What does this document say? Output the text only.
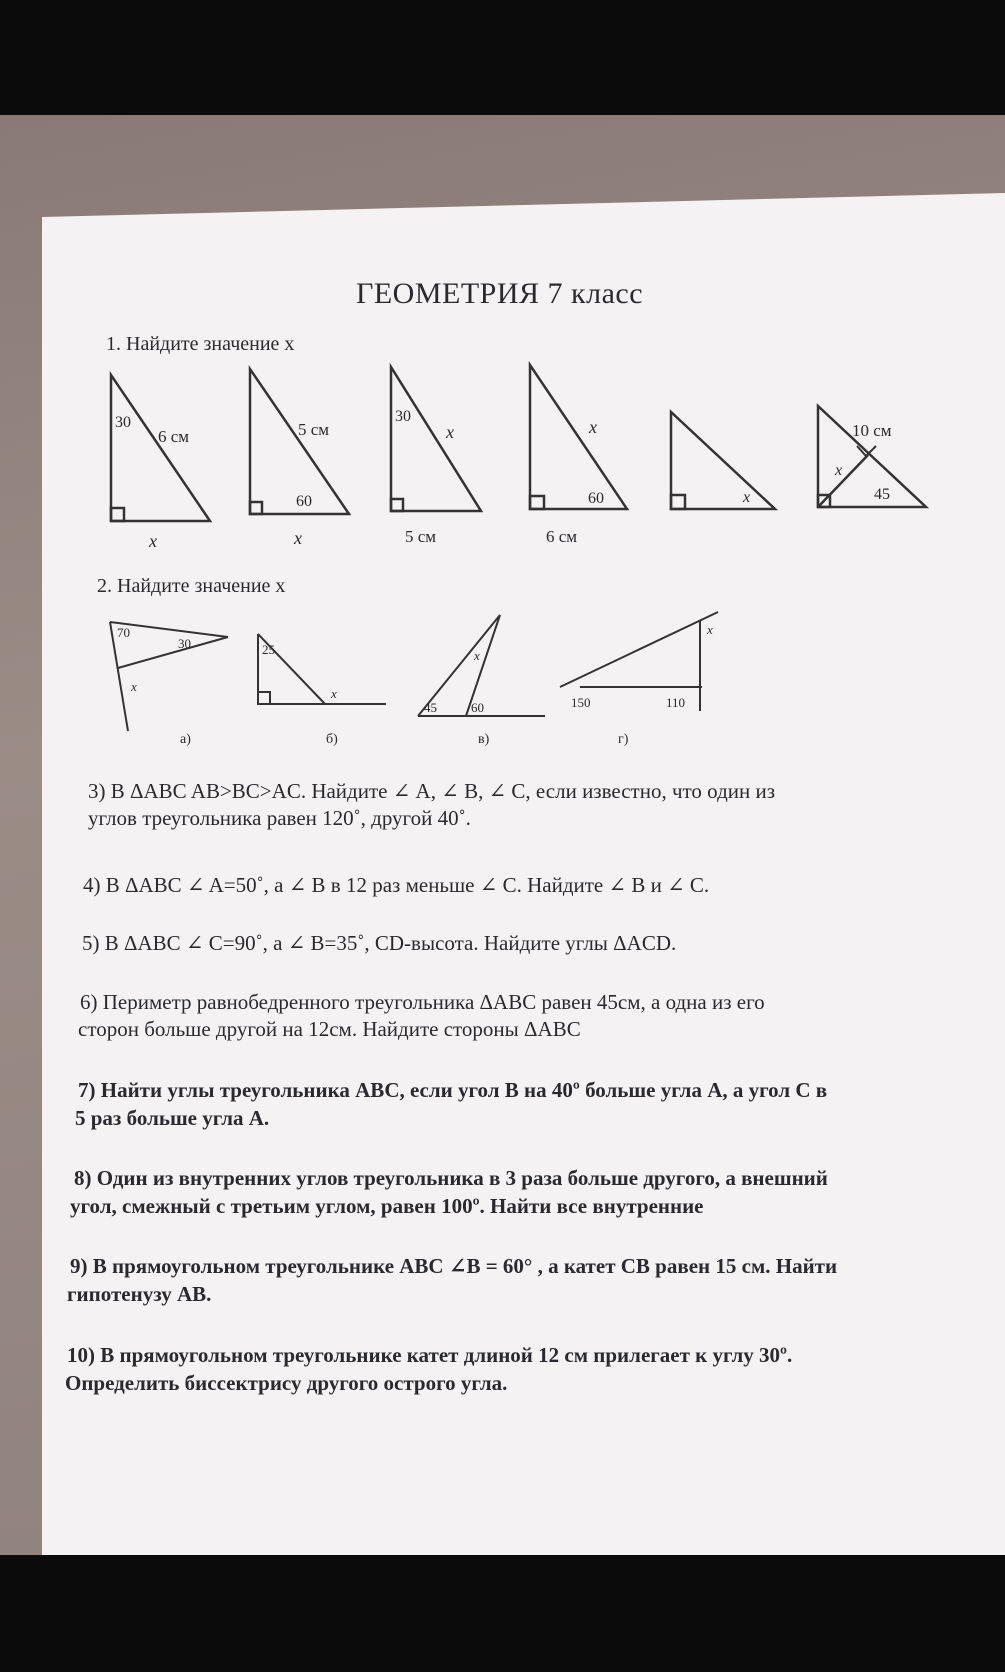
ГЕОМЕТРИЯ 7 класс

1. Найдите значение x

30
6 см
x
5 см
60
x
30
x
5 см
x
60
6 см
x
10 см
x
45

2. Найдите значение x

70
30
x
а)
25
x
б)
45	60
x
в)
150	110
x
г)

3) В ΔABC AB>BC>AC. Найдите ∠ A, ∠ B, ∠ C, если известно, что один из

углов треугольника равен 120˚, другой 40˚.

4) В ΔABC ∠ A=50˚, а ∠ B в 12 раз меньше ∠ C. Найдите ∠ B и ∠ C.

5) В ΔABC ∠ C=90˚, а ∠ B=35˚, CD-высота. Найдите углы ΔACD.

6) Периметр равнобедренного треугольника ΔABC равен 45см, а одна из его

сторон больше другой на 12см. Найдите стороны ΔABC

7) Найти углы треугольника ABC, если угол B на 40º больше угла A, а угол C в

5 раз больше угла A.

8) Один из внутренних углов треугольника в 3 раза больше другого, а внешний

угол, смежный с третьим углом, равен 100º. Найти все внутренние

9) В прямоугольном треугольнике ABC ∠B = 60° , а катет CB равен 15 см. Найти

гипотенузу AB.

10) В прямоугольном треугольнике катет длиной 12 см прилегает к углу 30º.

Определить биссектрису другого острого угла.
